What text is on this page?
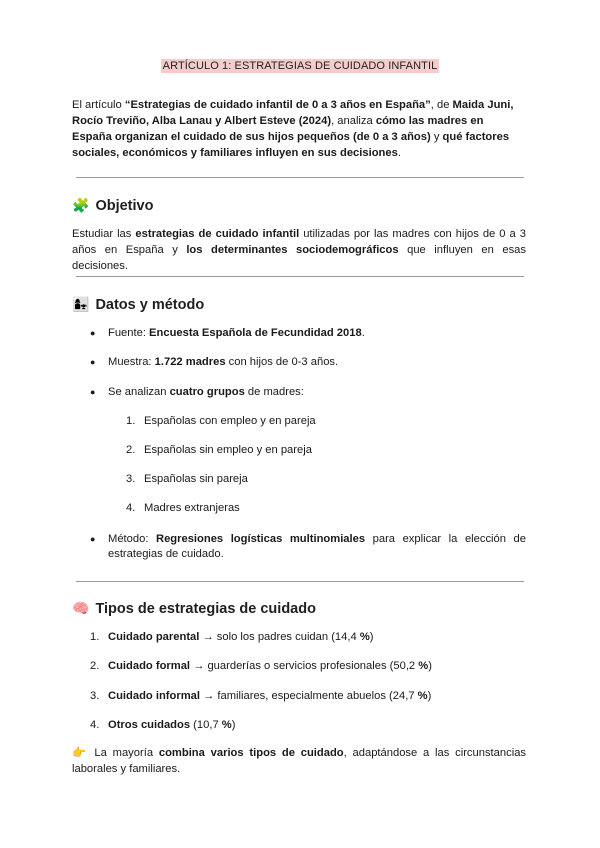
ARTÍCULO 1: ESTRATEGIAS DE CUIDADO INFANTIL
El artículo “Estrategias de cuidado infantil de 0 a 3 años en España”, de Maida Juni, Rocío Treviño, Alba Lanau y Albert Esteve (2024), analiza cómo las madres en España organizan el cuidado de sus hijos pequeños (de 0 a 3 años) y qué factores sociales, económicos y familiares influyen en sus decisiones.
🧩 Objetivo
Estudiar las estrategias de cuidado infantil utilizadas por las madres con hijos de 0 a 3 años en España y los determinantes sociodemográficos que influyen en esas decisiones.
👩‍👧 Datos y método
●	Fuente: Encuesta Española de Fecundidad 2018.
●	Muestra: 1.722 madres con hijos de 0-3 años.
●	Se analizan cuatro grupos de madres:
1. Españolas con empleo y en pareja
2. Españolas sin empleo y en pareja
3. Españolas sin pareja
4. Madres extranjeras
●	Método: Regresiones logísticas multinomiales para explicar la elección de estrategias de cuidado.
🧠 Tipos de estrategias de cuidado
1. Cuidado parental → solo los padres cuidan (14,4 %)
2. Cuidado formal → guarderías o servicios profesionales (50,2 %)
3. Cuidado informal → familiares, especialmente abuelos (24,7 %)
4. Otros cuidados (10,7 %)
👉 La mayoría combina varios tipos de cuidado, adaptándose a las circunstancias laborales y familiares.
